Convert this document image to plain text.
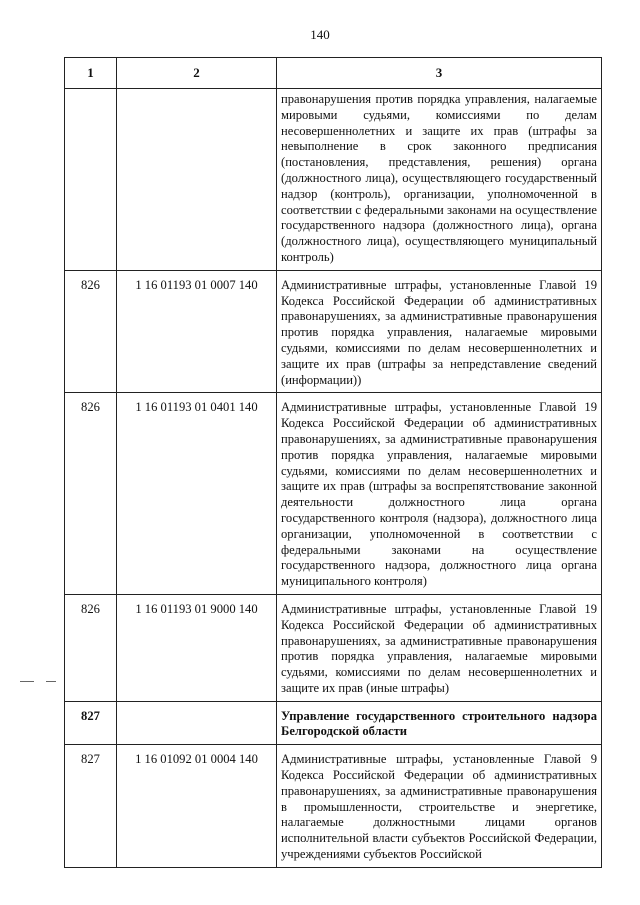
140
1	2	3
		правонарушения против порядка управления, налагаемые мировыми судьями, комиссиями по делам несовершеннолетних и защите их прав (штрафы за невыполнение в срок законного предписания (постановления, представления, решения) органа (должностного лица), осуществляющего государственный надзор (контроль), организации, уполномоченной в соответствии с федеральными законами на осуществление государственного надзора (должностного лица), органа (должностного лица), осуществляющего муниципальный контроль)
826	1 16 01193 01 0007 140	Административные штрафы, установленные Главой 19 Кодекса Российской Федерации об административных правонарушениях, за административные правонарушения против порядка управления, налагаемые мировыми судьями, комиссиями по делам несовершеннолетних и защите их прав (штрафы за непредставление сведений (информации))
826	1 16 01193 01 0401 140	Административные штрафы, установленные Главой 19 Кодекса Российской Федерации об административных правонарушениях, за административные правонарушения против порядка управления, налагаемые мировыми судьями, комиссиями по делам несовершеннолетних и защите их прав (штрафы за воспрепятствование законной деятельности должностного лица органа государственного контроля (надзора), должностного лица организации, уполномоченной в соответствии с федеральными законами на осуществление государственного надзора, должностного лица органа муниципального контроля)
826	1 16 01193 01 9000 140	Административные штрафы, установленные Главой 19 Кодекса Российской Федерации об административных правонарушениях, за административные правонарушения против порядка управления, налагаемые мировыми судьями, комиссиями по делам несовершеннолетних и защите их прав (иные штрафы)
827		Управление государственного строительного надзора Белгородской области
827	1 16 01092 01 0004 140	Административные штрафы, установленные Главой 9 Кодекса Российской Федерации об административных правонарушениях, за административные правонарушения в промышленности, строительстве и энергетике, налагаемые должностными лицами органов исполнительной власти субъектов Российской Федерации, учреждениями субъектов Российской
